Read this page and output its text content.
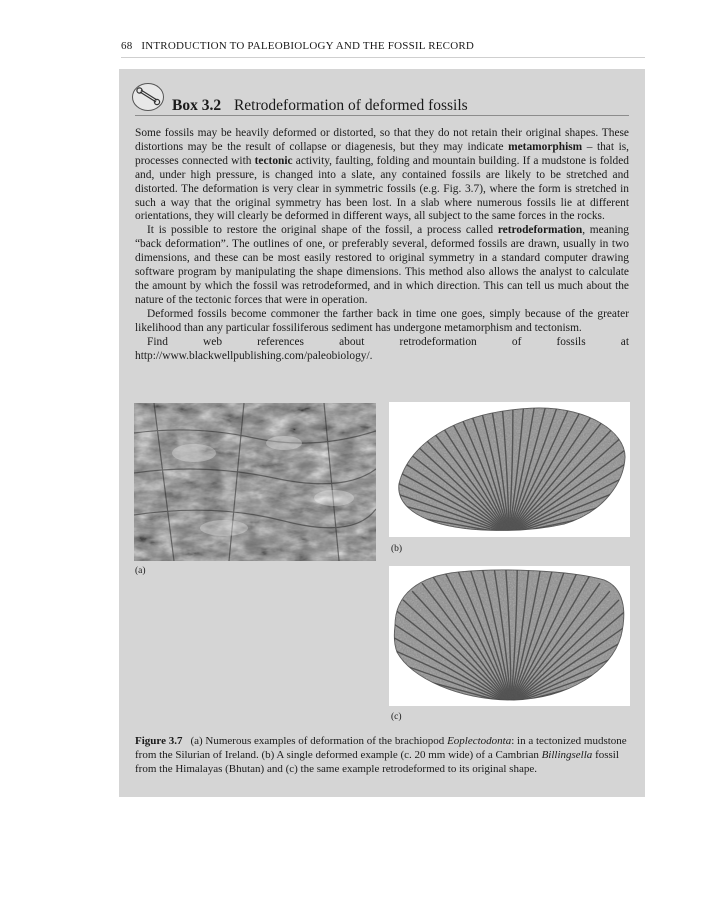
68 INTRODUCTION TO PALEOBIOLOGY AND THE FOSSIL RECORD
Box 3.2 Retrodeformation of deformed fossils

Some fossils may be heavily deformed or distorted, so that they do not retain their original shapes. These distortions may be the result of collapse or diagenesis, but they may indicate metamorphism – that is, processes connected with tectonic activity, faulting, folding and mountain building. If a mudstone is folded and, under high pressure, is changed into a slate, any contained fossils are likely to be stretched and distorted. The deformation is very clear in symmetric fossils (e.g. Fig. 3.7), where the form is stretched in such a way that the original symmetry has been lost. In a slab where numerous fossils lie at different orientations, they will clearly be deformed in different ways, all subject to the same forces in the rocks.

It is possible to restore the original shape of the fossil, a process called retrodeformation, meaning “back deformation”. The outlines of one, or preferably several, deformed fossils are drawn, usually in two dimensions, and these can be most easily restored to original symmetry in a standard computer drawing software program by manipulating the shape dimensions. This method also allows the analyst to calculate the amount by which the fossil was retrodeformed, and in which direction. This can tell us much about the nature of the tectonic forces that were in operation.

Deformed fossils become commoner the farther back in time one goes, simply because of the greater likelihood than any particular fossiliferous sediment has undergone metamorphism and tectonism.

Find web references about retrodeformation of fossils at http://www.blackwellpublishing.com/paleobiology/.

(a)
(b)
(c)
Figure 3.7 (a) Numerous examples of deformation of the brachiopod Eoplectodonta: in a tectonized mudstone from the Silurian of Ireland. (b) A single deformed example (c. 20 mm wide) of a Cambrian Billingsella fossil from the Himalayas (Bhutan) and (c) the same example retrodeformed to its original shape.
